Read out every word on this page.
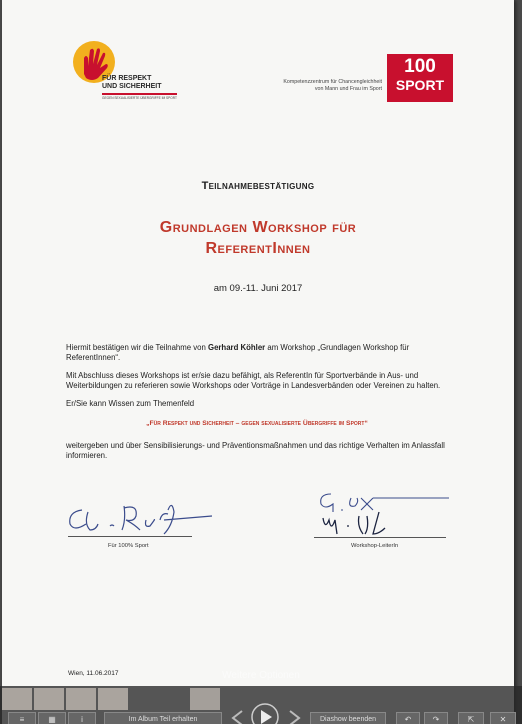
FÜR RESPEKT
UND SICHERHEIT
GEGEN SEXUALISIERTE ÜBERGRIFFE IM SPORT
Kompetenzzentrum für Chancengleichheit
von Mann und Frau im Sport
100
SPORT
Teilnahmebestätigung
Grundlagen Workshop für
ReferentInnen
am 09.-11. Juni 2017

Hiermit bestätigen wir die Teilnahme von Gerhard Köhler am Workshop „Grundlagen Workshop für ReferentInnen“.

Mit Abschluss dieses Workshops ist er/sie dazu befähigt, als ReferentIn für Sportverbände in Aus- und Weiterbildungen zu referieren sowie Workshops oder Vorträge in Landesverbänden oder Vereinen zu halten.

Er/Sie kann Wissen zum Themenfeld

„Für Respekt und Sicherheit – gegen sexualisierte Übergriffe im Sport“

weitergeben und über Sensibilisierungs- und Präventionsmaßnahmen und das richtige Verhalten im Anlassfall informieren.

Für 100% Sport	Workshop-LeiterIn
Wien, 11.06.2017	Weitere Optionen
≡	▦	i	Im Album Teil erhalten	Diashow beenden	↶	↷	⇱	✕
